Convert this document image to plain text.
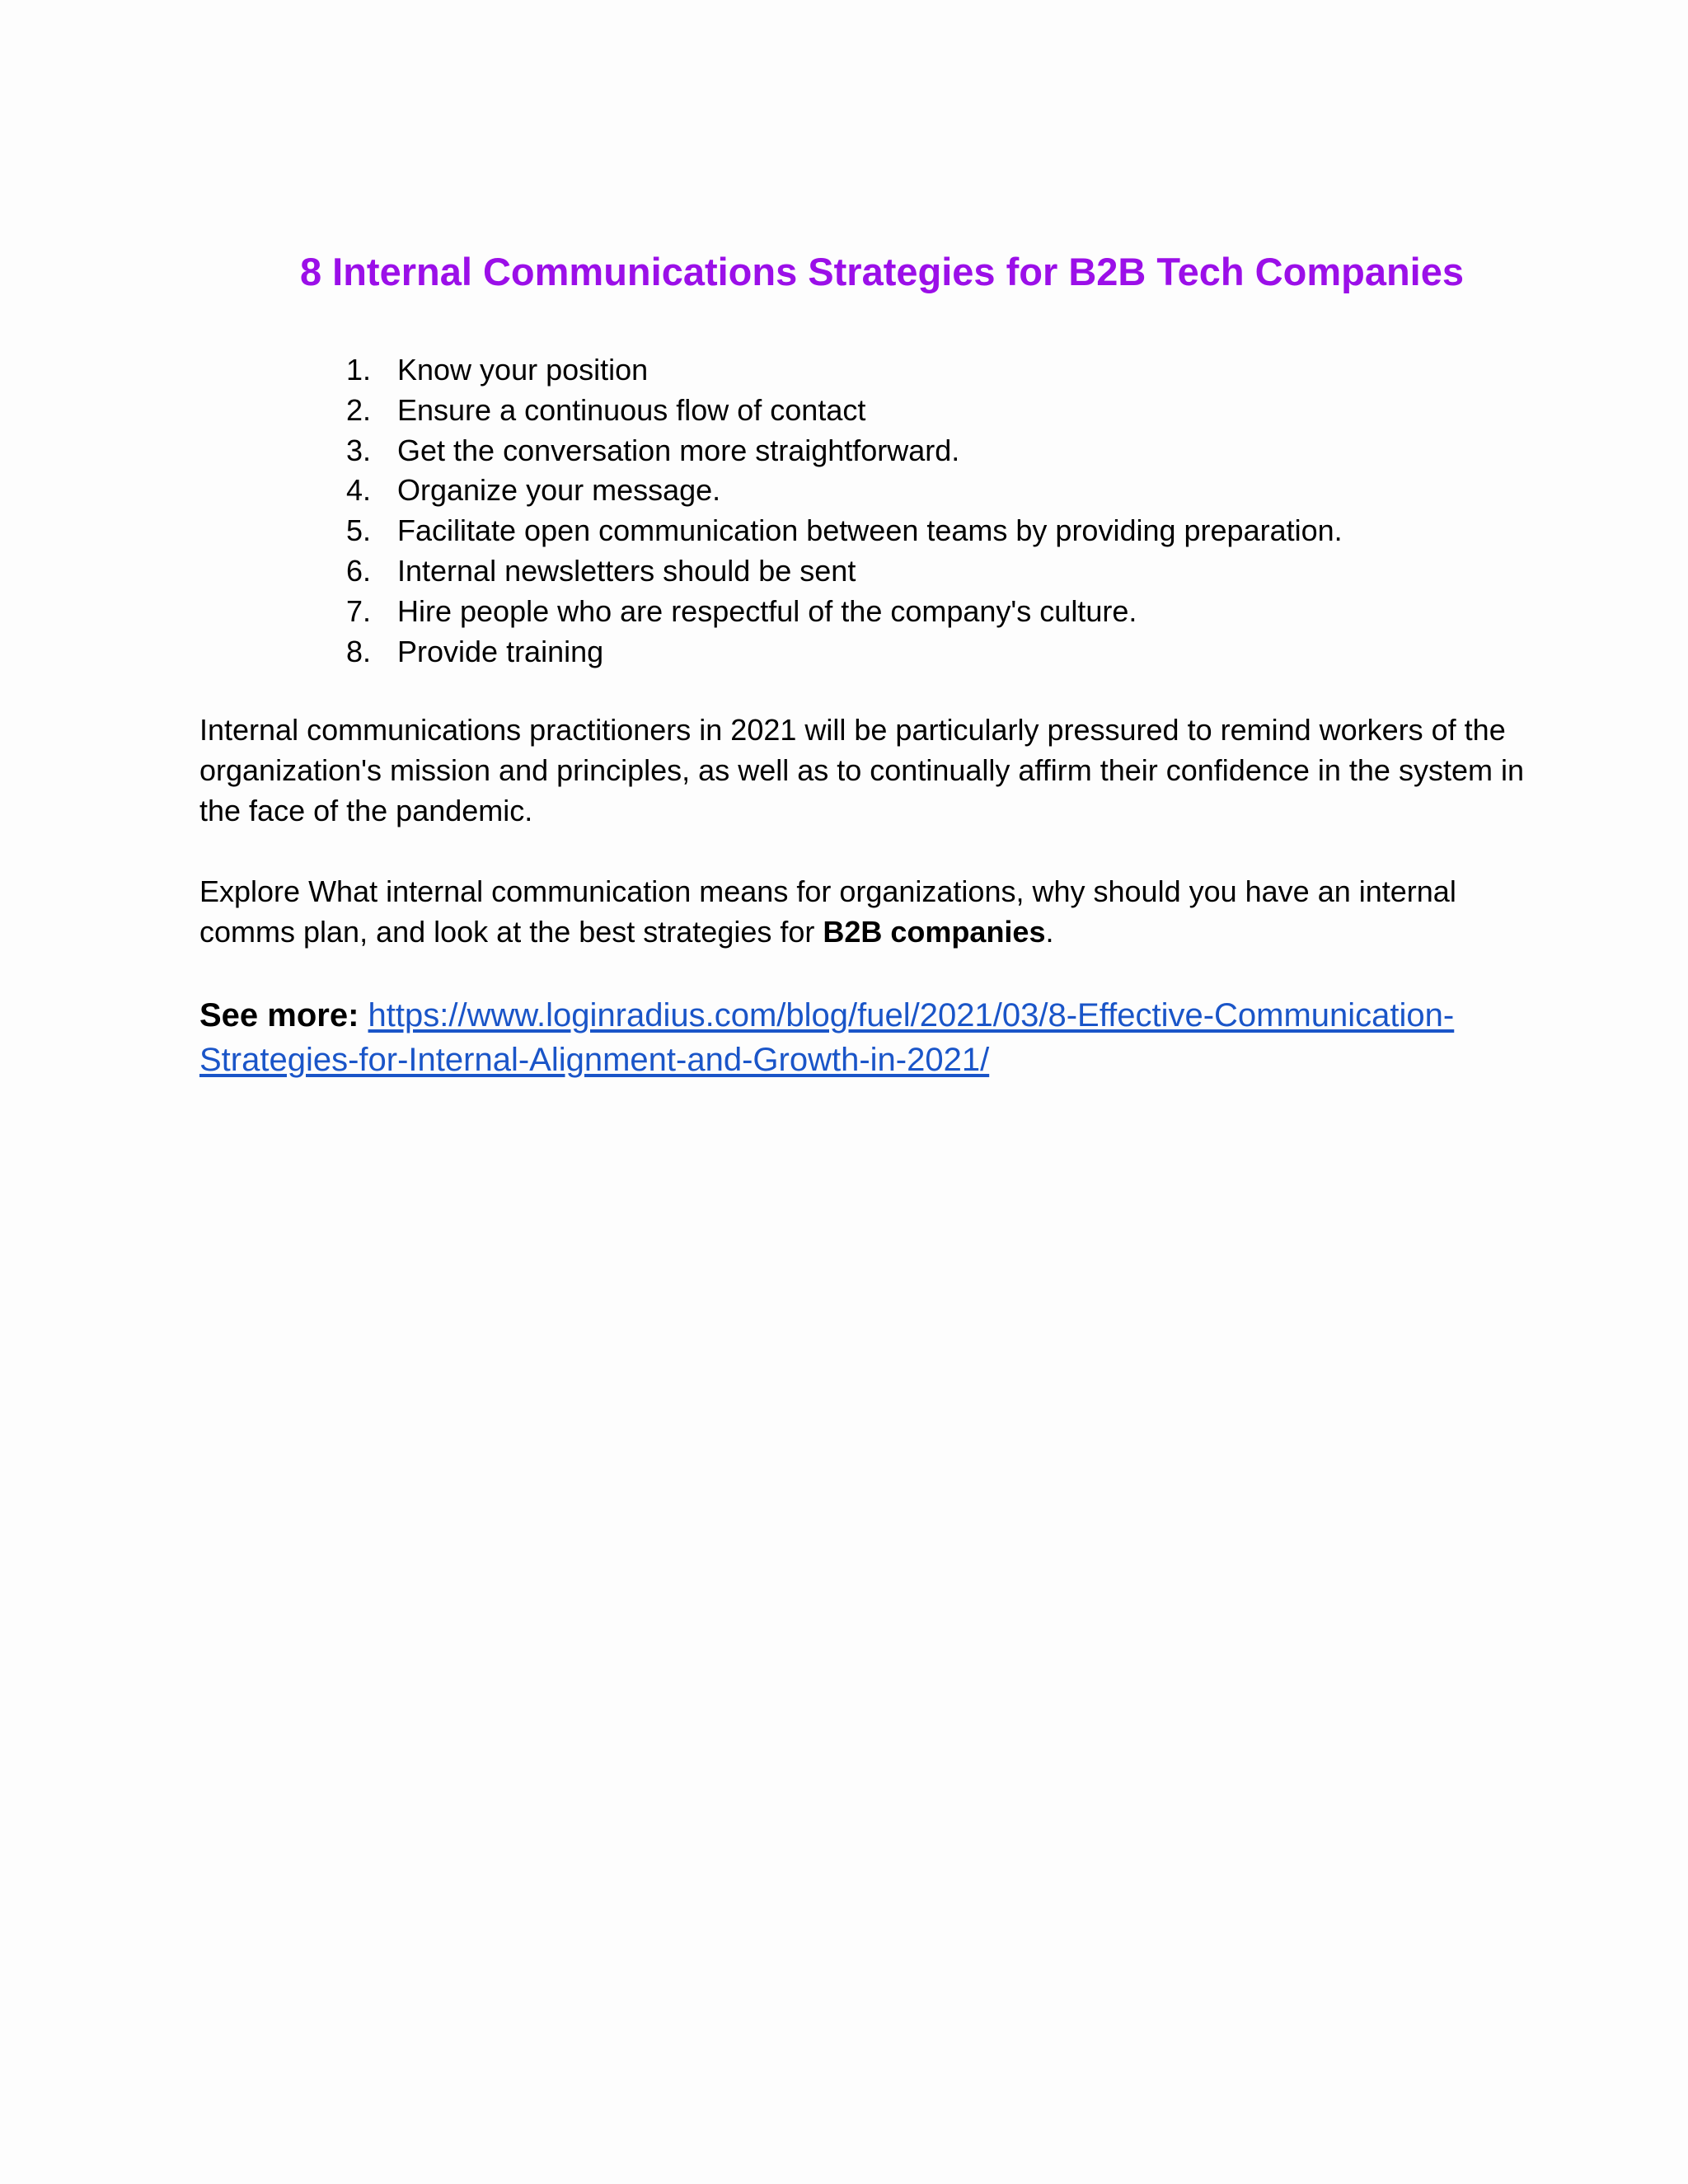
8 Internal Communications Strategies for B2B Tech Companies
1. Know your position
2. Ensure a continuous flow of contact
3. Get the conversation more straightforward.
4. Organize your message.
5. Facilitate open communication between teams by providing preparation.
6. Internal newsletters should be sent
7. Hire people who are respectful of the company's culture.
8. Provide training

Internal communications practitioners in 2021 will be particularly pressured to remind workers of the organization's mission and principles, as well as to continually affirm their confidence in the system in the face of the pandemic.

Explore What internal communication means for organizations, why should you have an internal comms plan, and look at the best strategies for B2B companies.

See more: https://www.loginradius.com/blog/fuel/2021/03/8-Effective-Communication-Strategies-for-Internal-Alignment-and-Growth-in-2021/
